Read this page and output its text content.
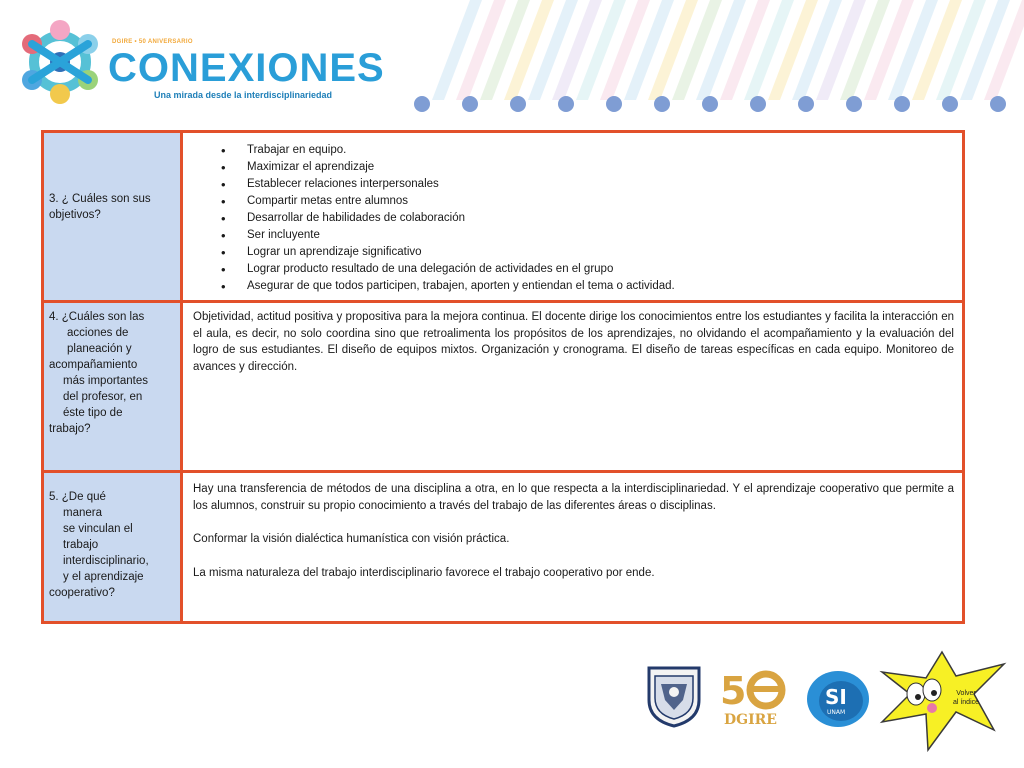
DGIRE • 50 ANIVERSARIO
CONEXIONES
Una mirada desde la interdisciplinariedad
3. ¿ Cuáles son sus
objetivos?
• Trabajar en equipo.
• Maximizar el aprendizaje
• Establecer relaciones interpersonales
• Compartir metas entre alumnos
• Desarrollar de habilidades de colaboración
• Ser incluyente
• Lograr un aprendizaje significativo
• Lograr producto resultado de una delegación de actividades en el grupo
• Asegurar de que todos participen, trabajen, aporten y entiendan el tema o actividad.
4. ¿Cuáles son las
acciones de
planeación y
acompañamiento
más importantes
del profesor, en
éste tipo de
trabajo?

Objetividad, actitud positiva y propositiva para la mejora continua. El docente dirige los conocimientos entre los estudiantes y facilita la interacción en el aula, es decir, no solo coordina sino que retroalimenta los propósitos de los aprendizajes, no olvidando el acompañamiento y la evaluación del logro de sus estudiantes. El diseño de equipos mixtos. Organización y cronograma. El diseño de tareas específicas en cada equipo. Monitoreo de avances y dirección.

5. ¿De qué
manera
se vinculan el
trabajo
interdisciplinario,
y el aprendizaje
cooperativo?

Hay una transferencia de métodos de una disciplina a otra, en lo que respecta a la interdisciplinariedad. Y el aprendizaje cooperativo que permite a los alumnos, construir su propio conocimiento a través del trabajo de las diferentes áreas o disciplinas.

Conformar la visión dialéctica humanística con visión práctica.

La misma naturaleza del trabajo interdisciplinario favorece el trabajo cooperativo por ende.

5
DGIRE
SI
UNAM
Volver
al índice
